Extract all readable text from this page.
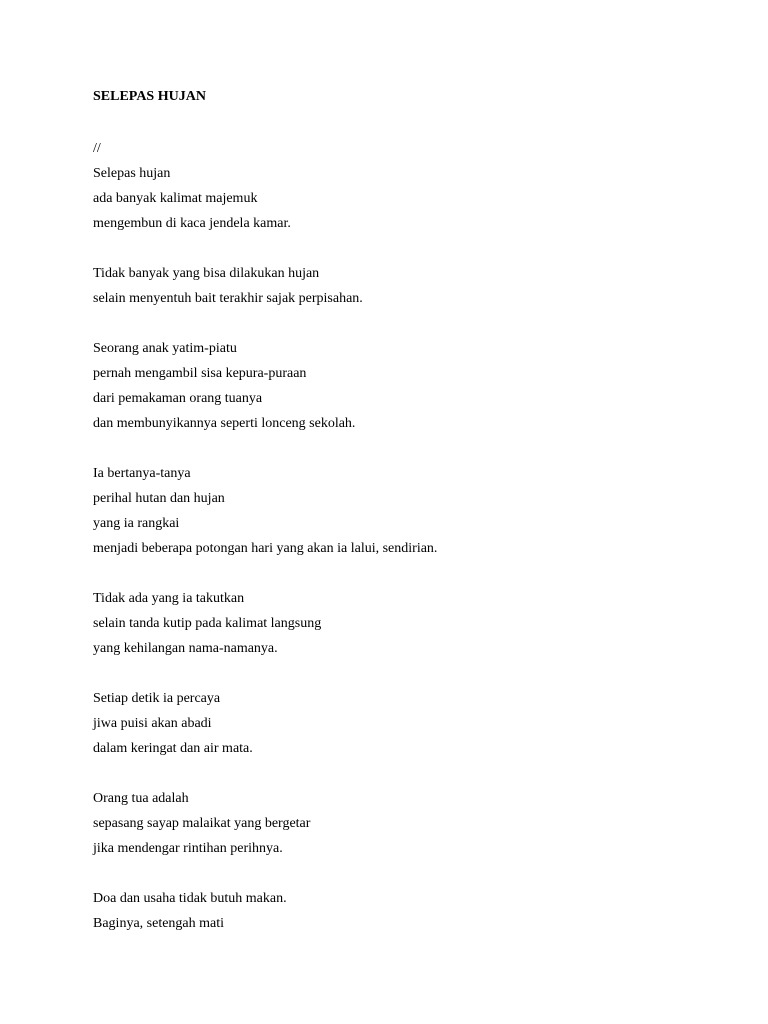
SELEPAS HUJAN
//
Selepas hujan
ada banyak kalimat majemuk
mengembun di kaca jendela kamar.
Tidak banyak yang bisa dilakukan hujan
selain menyentuh bait terakhir sajak perpisahan.
Seorang anak yatim-piatu
pernah mengambil sisa kepura-puraan
dari pemakaman orang tuanya
dan membunyikannya seperti lonceng sekolah.
Ia bertanya-tanya
perihal hutan dan hujan
yang ia rangkai
menjadi beberapa potongan hari yang akan ia lalui, sendirian.
Tidak ada yang ia takutkan
selain tanda kutip pada kalimat langsung
yang kehilangan nama-namanya.
Setiap detik ia percaya
jiwa puisi akan abadi
dalam keringat dan air mata.
Orang tua adalah
sepasang sayap malaikat yang bergetar
jika mendengar rintihan perihnya.
Doa dan usaha tidak butuh makan.
Baginya, setengah mati
